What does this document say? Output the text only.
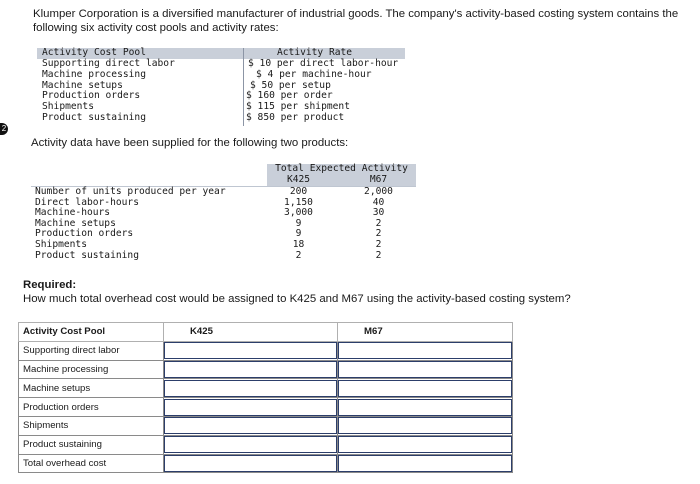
Klumper Corporation is a diversified manufacturer of industrial goods. The company's activity-based costing system contains the following six activity cost pools and activity rates:
Activity Cost Pool	Activity Rate
Supporting direct labor	$ 10 per direct labor-hour
Machine processing	$ 4 per machine-hour
Machine setups	$ 50 per setup
Production orders	$ 160 per order
Shipments	$ 115 per shipment
Product sustaining	$ 850 per product
2
Activity data have been supplied for the following two products:
Total Expected Activity
K425	M67
Number of units produced per year	200	2,000
Direct labor-hours	1,150	40
Machine-hours	3,000	30
Machine setups	9	2
Production orders	9	2
Shipments	18	2
Product sustaining	2	2
Required:
How much total overhead cost would be assigned to K425 and M67 using the activity-based costing system?
Activity Cost Pool	K425	M67
Supporting direct labor	

Machine processing	

Machine setups	

Production orders	

Shipments	

Product sustaining	

Total overhead cost	
